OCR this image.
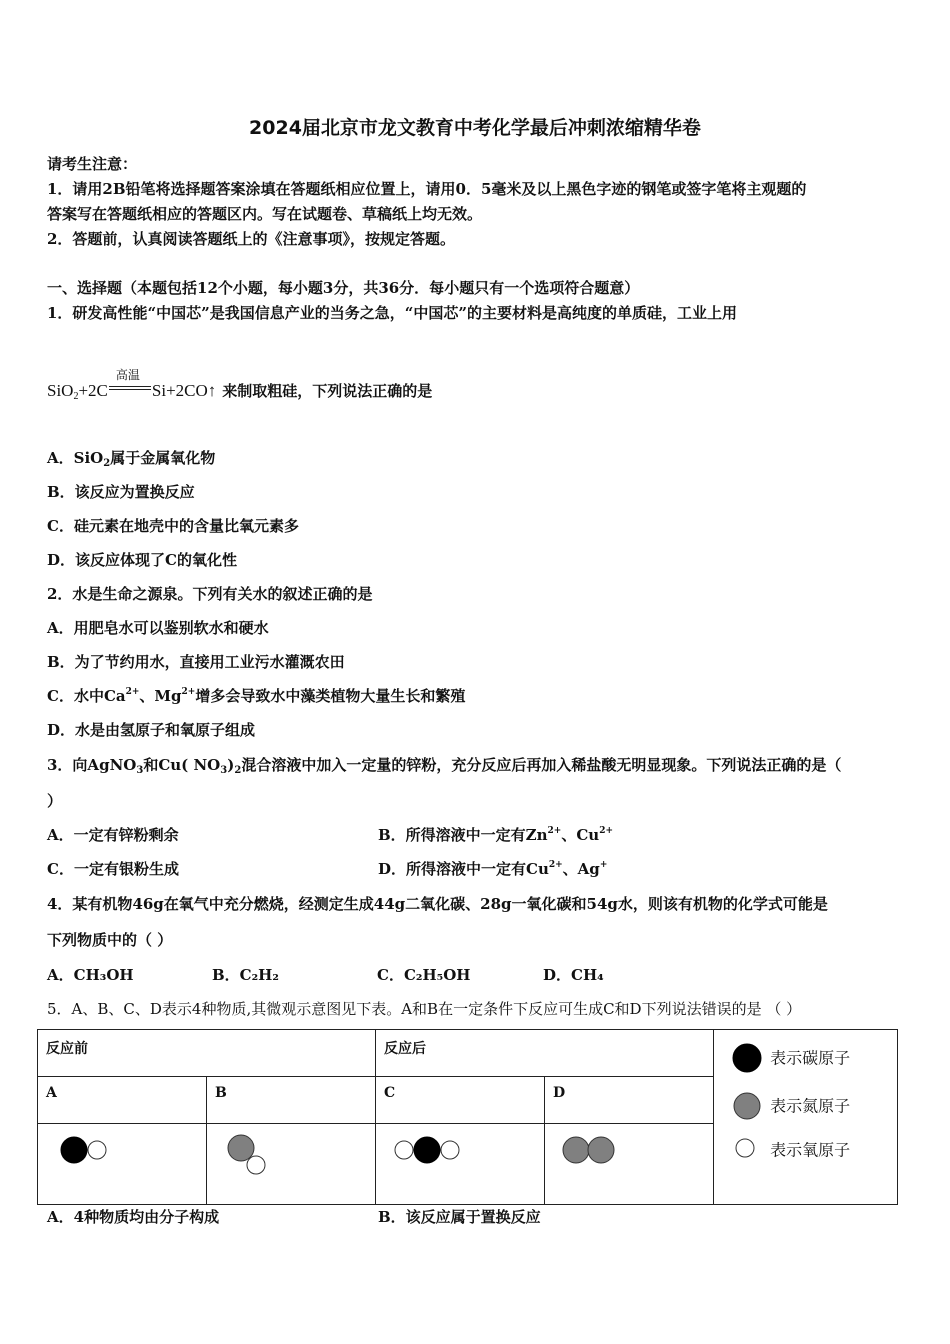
2024届北京市龙文教育中考化学最后冲刺浓缩精华卷
请考生注意：
1．请用2B铅笔将选择题答案涂填在答题纸相应位置上，请用0．5毫米及以上黑色字迹的钢笔或签字笔将主观题的
答案写在答题纸相应的答题区内。写在试题卷、草稿纸上均无效。
2．答题前，认真阅读答题纸上的《注意事项》，按规定答题。
一、选择题（本题包括12个小题，每小题3分，共36分．每小题只有一个选项符合题意）
1．研发高性能“中国芯”是我国信息产业的当务之急，“中国芯”的主要材料是高纯度的单质硅，工业上用
SiO$_2$+2C
高温
Si+2CO↑ 来制取粗硅，下列说法正确的是
A．SiO$_2$属于金属氧化物
B．该反应为置换反应
C．硅元素在地壳中的含量比氧元素多
D．该反应体现了C的氧化性
2．水是生命之源泉。下列有关水的叙述正确的是
A．用肥皂水可以鉴别软水和硬水
B．为了节约用水，直接用工业污水灌溉农田
C．水中$Ca^{2+}$、$Mg^{2+}$增多会导致水中藻类植物大量生长和繁殖
D．水是由氢原子和氧原子组成
3．向AgNO$_3$和Cu( $NO_3)_2$混合溶液中加入一定量的锌粉，充分反应后再加入稀盐酸无明显现象。下列说法正确的是（
）
A．一定有锌粉剩余	B．所得溶液中一定有$Zn^{2+}$、$Cu^{2+}$
C．一定有银粉生成	D．所得溶液中一定有$Cu^{2+}$、Ag+
4．某有机物46g在氧气中充分燃烧，经测定生成44g二氧化碳、28g一氧化碳和54g水，则该有机物的化学式可能是
下列物质中的（ ）
A．CH₃OH	B．C₂H₂	C．C₂H₅OH	D．CH₄
5．A、B、C、D表示4种物质,其微观示意图见下表。A和B在一定条件下反应可生成C和D下列说法错误的是 （ ）
反应前		反应后		表示碳原子
表示氮原子
表示氧原子

A	B	C	D	

A．4种物质均由分子构成	B．该反应属于置换反应
